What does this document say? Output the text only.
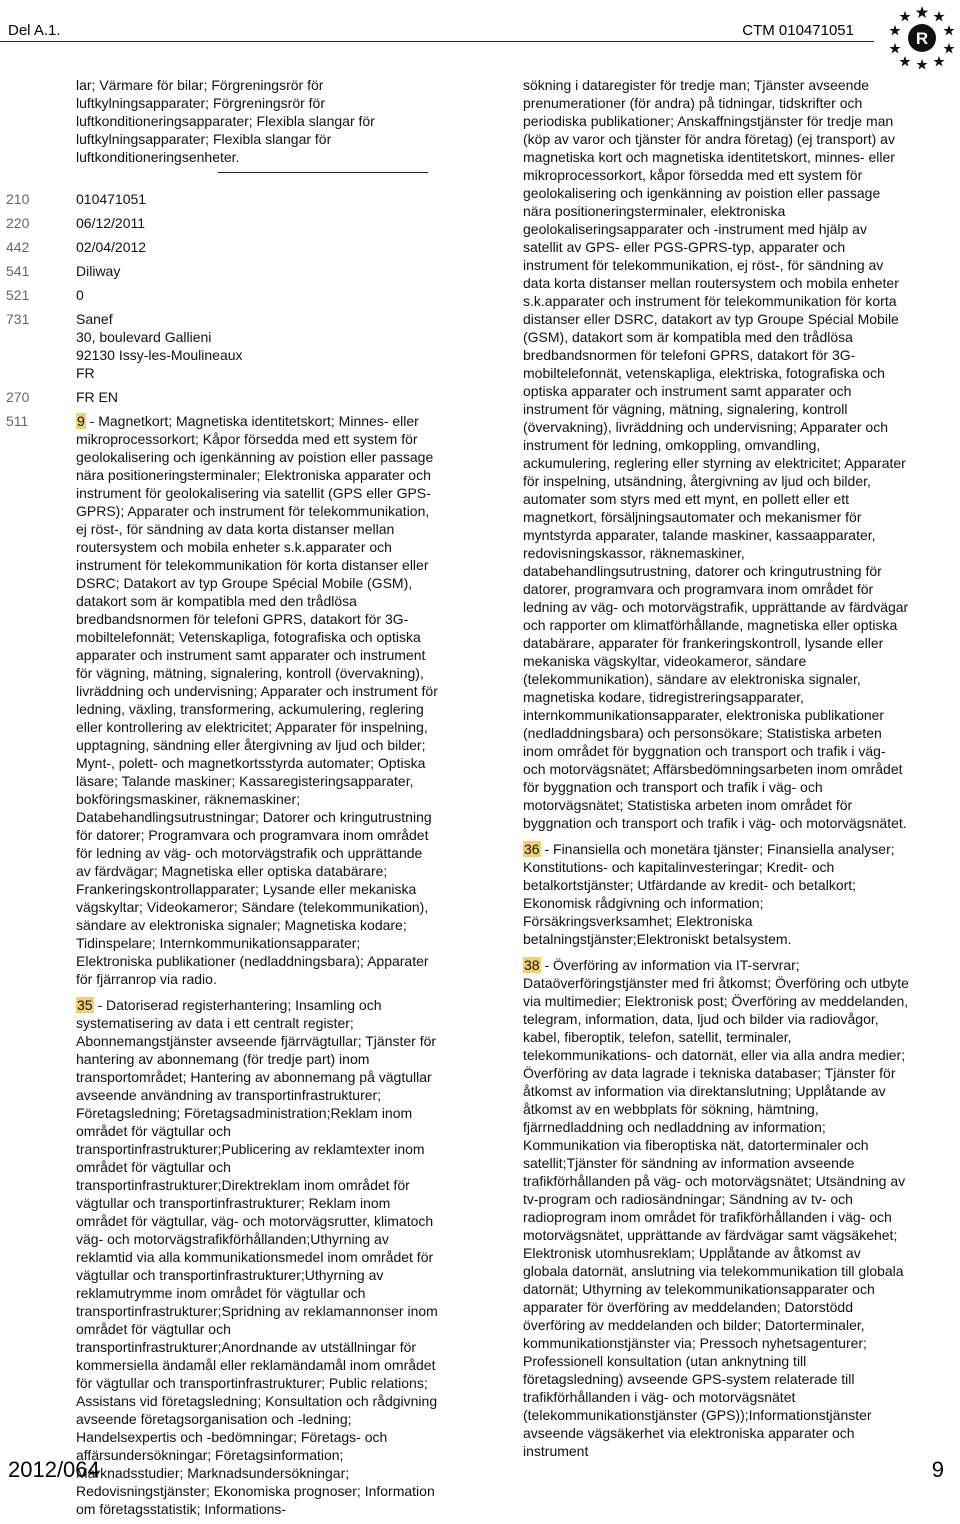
Del A.1.	CTM 010471051	R

lar; Värmare för bilar; Förgreningsrör för luftkylningsapparater; Förgreningsrör för luftkonditioneringsapparater; Flexibla slangar för luftkylningsapparater; Flexibla slangar för luftkonditioneringsenheter.

210	010471051
220	06/12/2011
442	02/04/2012
541	Diliway
521	0
731	Sanef
30, boulevard Gallieni
92130 Issy-les-Moulineaux
FR
270	FR EN
511	9 - Magnetkort; Magnetiska identitetskort; Minnes- eller mikroprocessorkort; Kåpor försedda med ett system för geolokalisering och igenkänning av poistion eller passage nära positioneringsterminaler; Elektroniska apparater och instrument för geolokalisering via satellit (GPS eller GPS-GPRS); Apparater och instrument för telekommunikation, ej röst-, för sändning av data korta distanser mellan routersystem och mobila enheter s.k.apparater och instrument för telekommunikation för korta distanser eller DSRC; Datakort av typ Groupe Spécial Mobile (GSM), datakort som är kompatibla med den trådlösa bredbandsnormen för telefoni GPRS, datakort för 3G-mobiltelefonnät; Vetenskapliga, fotografiska och optiska apparater och instrument samt apparater och instrument för vägning, mätning, signalering, kontroll (övervakning), livräddning och undervisning; Apparater och instrument för ledning, växling, transformering, ackumulering, reglering eller kontrollering av elektricitet; Apparater för inspelning, upptagning, sändning eller återgivning av ljud och bilder; Mynt-, polett- och magnetkortsstyrda automater; Optiska läsare; Talande maskiner; Kassaregisteringsapparater, bokföringsmaskiner, räknemaskiner; Databehandlingsutrustningar; Datorer och kringutrustning för datorer; Programvara och programvara inom området för ledning av väg- och motorvägstrafik och upprättande av färdvägar; Magnetiska eller optiska databärare; Frankeringskontrollapparater; Lysande eller mekaniska vägskyltar; Videokameror; Sändare (telekommunikation), sändare av elektroniska signaler; Magnetiska kodare; Tidinspelare; Internkommunikationsapparater; Elektroniska publikationer (nedladdningsbara); Apparater för fjärranrop via radio.

35 - Datoriserad registerhantering; Insamling och systematisering av data i ett centralt register; Abonnemangstjänster avseende fjärrvägtullar; Tjänster för hantering av abonnemang (för tredje part) inom transportområdet; Hantering av abonnemang på vägtullar avseende användning av transportinfrastrukturer; Företagsledning; Företagsadministration;Reklam inom området för vägtullar och transportinfrastrukturer;Publicering av reklamtexter inom området för vägtullar och transportinfrastrukturer;Direktreklam inom området för vägtullar och transportinfrastrukturer; Reklam inom området för vägtullar, väg- och motorvägsrutter, klimatoch väg- och motorvägstrafikförhållanden;Uthyrning av reklamtid via alla kommunikationsmedel inom området för vägtullar och transportinfrastrukturer;Uthyrning av reklamutrymme inom området för vägtullar och transportinfrastrukturer;Spridning av reklamannonser inom området för vägtullar och transportinfrastrukturer;Anordnande av utställningar för kommersiella ändamål eller reklamändamål inom området för vägtullar och transportinfrastrukturer; Public relations; Assistans vid företagsledning; Konsultation och rådgivning avseende företagsorganisation och -ledning; Handelsexpertis och -bedömningar; Företags- och affärsundersökningar; Företagsinformation; Marknadsstudier; Marknadsundersökningar; Redovisningstjänster; Ekonomiska prognoser; Information om företagsstatistik; Informations-

sökning i dataregister för tredje man; Tjänster avseende prenumerationer (för andra) på tidningar, tidskrifter och periodiska publikationer; Anskaffningstjänster för tredje man (köp av varor och tjänster för andra företag) (ej transport) av magnetiska kort och magnetiska identitetskort, minnes- eller mikroprocessorkort, kåpor försedda med ett system för geolokalisering och igenkänning av poistion eller passage nära positioneringsterminaler, elektroniska geolokaliseringsapparater och -instrument med hjälp av satellit av GPS- eller PGS-GPRS-typ, apparater och instrument för telekommunikation, ej röst-, för sändning av data korta distanser mellan routersystem och mobila enheter s.k.apparater och instrument för telekommunikation för korta distanser eller DSRC, datakort av typ Groupe Spécial Mobile (GSM), datakort som är kompatibla med den trådlösa bredbandsnormen för telefoni GPRS, datakort för 3G-mobiltelefonnät, vetenskapliga, elektriska, fotografiska och optiska apparater och instrument samt apparater och instrument för vägning, mätning, signalering, kontroll (övervakning), livräddning och undervisning; Apparater och instrument för ledning, omkoppling, omvandling, ackumulering, reglering eller styrning av elektricitet; Apparater för inspelning, utsändning, återgivning av ljud och bilder, automater som styrs med ett mynt, en pollett eller ett magnetkort, försäljningsautomater och mekanismer för myntstyrda apparater, talande maskiner, kassaapparater, redovisningskassor, räknemaskiner, databehandlingsutrustning, datorer och kringutrustning för datorer, programvara och programvara inom området för ledning av väg- och motorvägstrafik, upprättande av färdvägar och rapporter om klimatförhållande, magnetiska eller optiska databärare, apparater för frankeringskontroll, lysande eller mekaniska vägskyltar, videokameror, sändare (telekommunikation), sändare av elektroniska signaler, magnetiska kodare, tidregistreringsapparater, internkommunikationsapparater, elektroniska publikationer (nedladdningsbara) och personsökare; Statistiska arbeten inom området för byggnation och transport och trafik i väg- och motorvägsnätet; Affärsbedömningsarbeten inom området för byggnation och transport och trafik i väg- och motorvägsnätet; Statistiska arbeten inom området för byggnation och transport och trafik i väg- och motorvägsnätet.

36 - Finansiella och monetära tjänster; Finansiella analyser; Konstitutions- och kapitalinvesteringar; Kredit- och betalkortstjänster; Utfärdande av kredit- och betalkort; Ekonomisk rådgivning och information; Försäkringsverksamhet; Elektroniska betalningstjänster;Elektroniskt betalsystem.

38 - Överföring av information via IT-servrar; Dataöverföringstjänster med fri åtkomst; Överföring och utbyte via multimedier; Elektronisk post; Överföring av meddelanden, telegram, information, data, ljud och bilder via radiovågor, kabel, fiberoptik, telefon, satellit, terminaler, telekommunikations- och datornät, eller via alla andra medier; Överföring av data lagrade i tekniska databaser; Tjänster för åtkomst av information via direktanslutning; Upplåtande av åtkomst av en webbplats för sökning, hämtning, fjärrnedladdning och nedladdning av information; Kommunikation via fiberoptiska nät, datorterminaler och satellit;Tjänster för sändning av information avseende trafikförhållanden på väg- och motorvägsnätet; Utsändning av tv-program och radiosändningar; Sändning av tv- och radioprogram inom området för trafikförhållanden i väg- och motorvägsnätet, upprättande av färdvägar samt vägsäkehet; Elektronisk utomhusreklam; Upplåtande av åtkomst av globala datornät, anslutning via telekommunikation till globala datornät; Uthyrning av telekommunikationsapparater och apparater för överföring av meddelanden; Datorstödd överföring av meddelanden och bilder; Datorterminaler, kommunikationstjänster via; Pressoch nyhetsagenturer; Professionell konsultation (utan anknytning till företagsledning) avseende GPS-system relaterade till trafikförhållanden i väg- och motorvägsnätet (telekommunikationstjänster (GPS));Informationstjänster avseende vägsäkerhet via elektroniska apparater och instrument

2012/064	9
